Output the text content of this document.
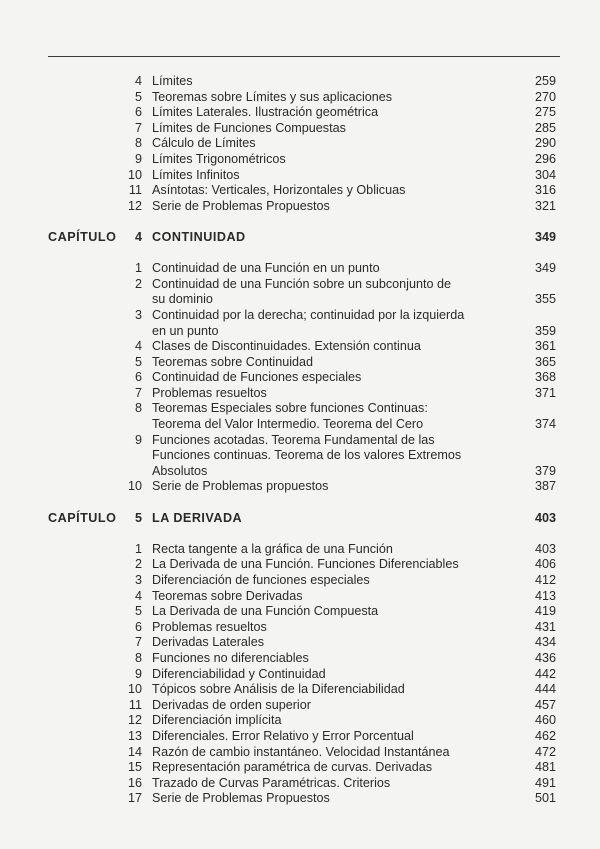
4 Límites	259
5 Teoremas sobre Límites y sus aplicaciones	270
6 Límites Laterales. Ilustración geométrica	275
7 Límites de Funciones Compuestas	285
8 Cálculo de Límites	290
9 Límites Trigonométricos	296
10 Límites Infinitos	304
11 Asíntotas: Verticales, Horizontales y Oblicuas	316
12 Serie de Problemas Propuestos	321
CAPÍTULO	4 CONTINUIDAD	349
1 Continuidad de una Función en un punto	349
2 Continuidad de una Función sobre un subconjunto de
su dominio	355
3 Continuidad por la derecha; continuidad por la izquierda
en un punto	359
4 Clases de Discontinuidades. Extensión continua	361
5 Teoremas sobre Continuidad	365
6 Continuidad de Funciones especiales	368
7 Problemas resueltos	371
8 Teoremas Especiales sobre funciones Continuas:
Teorema del Valor Intermedio. Teorema del Cero	374
9 Funciones acotadas. Teorema Fundamental de las
Funciones continuas. Teorema de los valores Extremos
Absolutos	379
10 Serie de Problemas propuestos	387
CAPÍTULO	5 LA DERIVADA	403
1 Recta tangente a la gráfica de una Función	403
2 La Derivada de una Función. Funciones Diferenciables	406
3 Diferenciación de funciones especiales	412
4 Teoremas sobre Derivadas	413
5 La Derivada de una Función Compuesta	419
6 Problemas resueltos	431
7 Derivadas Laterales	434
8 Funciones no diferenciables	436
9 Diferenciabilidad y Continuidad	442
10 Tópicos sobre Análisis de la Diferenciabilidad	444
11 Derivadas de orden superior	457
12 Diferenciación implícita	460
13 Diferenciales. Error Relativo y Error Porcentual	462
14 Razón de cambio instantáneo. Velocidad Instantánea	472
15 Representación paramétrica de curvas. Derivadas	481
16 Trazado de Curvas Paramétricas. Criterios	491
17 Serie de Problemas Propuestos	501
